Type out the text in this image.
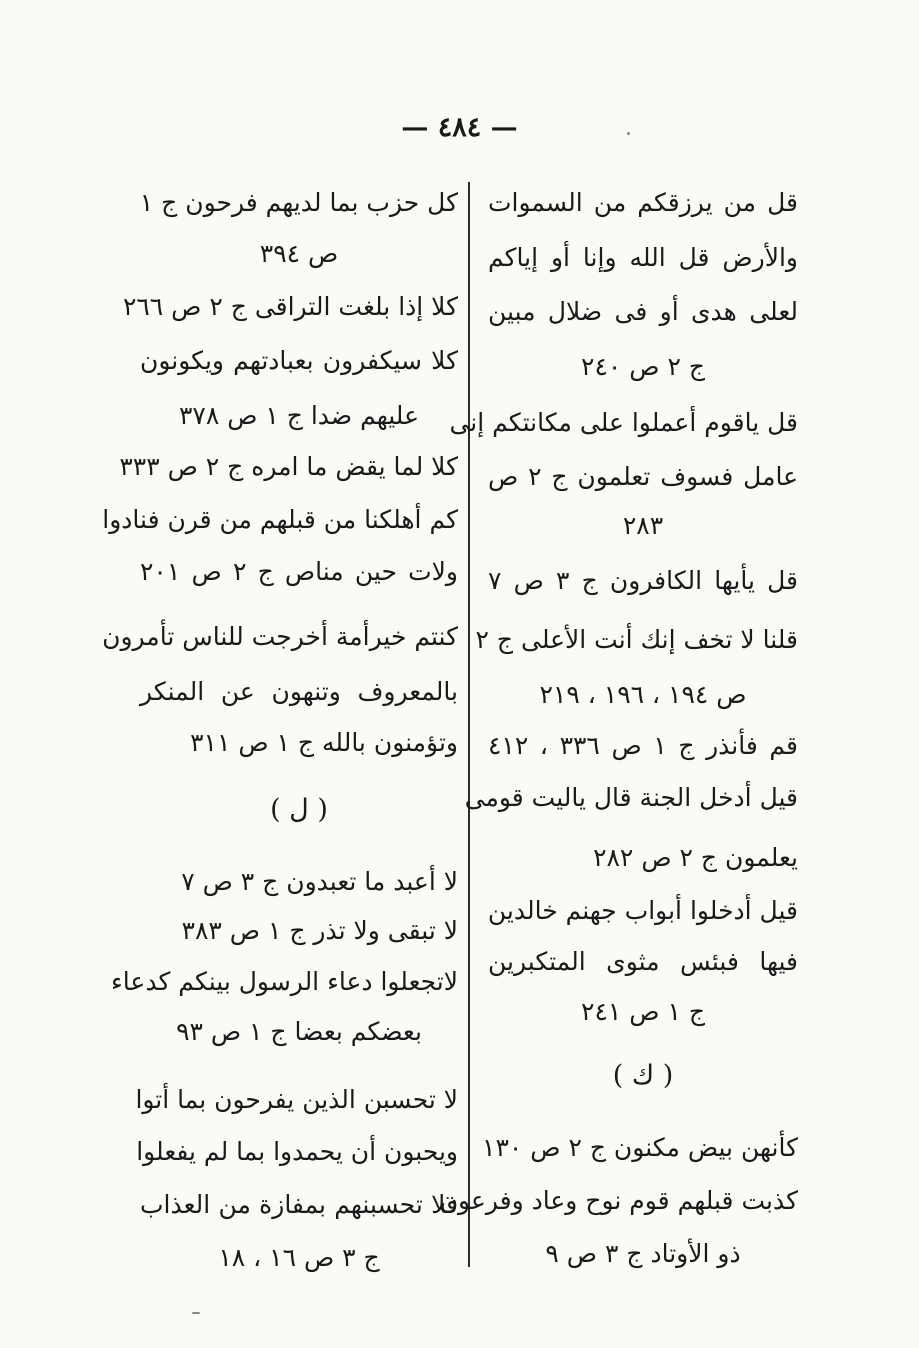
— ٤٨٤ —
قل من يرزقكم من السموات
والأرض قل الله وإنا أو إياكم
لعلى هدى أو فى ضلال مبين
ج ٢ ص ٢٤٠
قل ياقوم أعملوا على مكانتكم إنى
عامل فسوف تعلمون ج ٢ ص
٢٨٣
قل يأيها الكافرون ج ٣ ص ٧
قلنا لا تخف إنك أنت الأعلى ج ٢
ص ١٩٤ ، ١٩٦ ، ٢١٩
قم فأنذر ج ١ ص ٣٣٦ ، ٤١٢
قيل أدخل الجنة قال ياليت قومى
يعلمون ج ٢ ص ٢٨٢
قيل أدخلوا أبواب جهنم خالدين
فيها فبئس مثوى المتكبرين
ج ١ ص ٢٤١
( ك )
كأنهن بيض مكنون ج ٢ ص ١٣٠
كذبت قبلهم قوم نوح وعاد وفرعون
ذو الأوتاد ج ٣ ص ٩
كل حزب بما لديهم فرحون ج ١
ص ٣٩٤
كلا إذا بلغت التراقى ج ٢ ص ٢٦٦
كلا سيكفرون بعبادتهم ويكونون
عليهم ضدا ج ١ ص ٣٧٨
كلا لما يقض ما امره ج ٢ ص ٣٣٣
كم أهلكنا من قبلهم من قرن فنادوا
ولات حين مناص ج ٢ ص ٢٠١
كنتم خيرأمة أخرجت للناس تأمرون
بالمعروف وتنهون عن المنكر
وتؤمنون بالله ج ١ ص ٣١١
( ل )
لا أعبد ما تعبدون ج ٣ ص ٧
لا تبقى ولا تذر ج ١ ص ٣٨٣
لاتجعلوا دعاء الرسول بينكم كدعاء
بعضكم بعضا ج ١ ص ٩٣
لا تحسبن الذين يفرحون بما أتوا
ويحبون أن يحمدوا بما لم يفعلوا
فلا تحسبنهم بمفازة من العذاب
ج ٣ ص ١٦ ، ١٨
